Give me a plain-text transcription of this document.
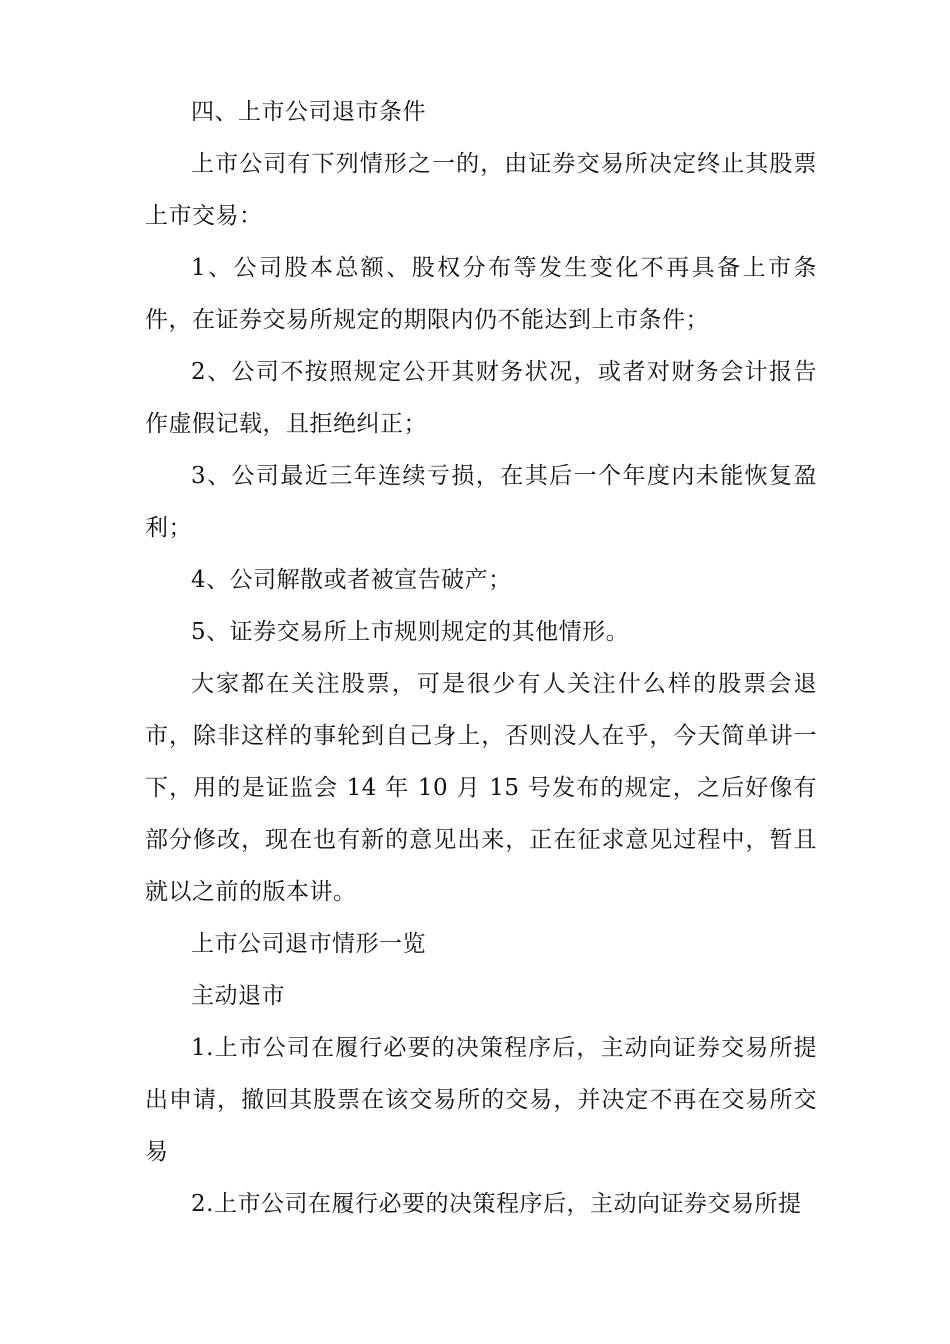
四、上市公司退市条件

上市公司有下列情形之一的，由证券交易所决定终止其股票上市交易：

1、公司股本总额、股权分布等发生变化不再具备上市条件，在证券交易所规定的期限内仍不能达到上市条件；

2、公司不按照规定公开其财务状况，或者对财务会计报告作虚假记载，且拒绝纠正；

3、公司最近三年连续亏损，在其后一个年度内未能恢复盈利；

4、公司解散或者被宣告破产；

5、证券交易所上市规则规定的其他情形。

大家都在关注股票，可是很少有人关注什么样的股票会退市，除非这样的事轮到自己身上，否则没人在乎，今天简单讲一下，用的是证监会 14 年 10 月 15 号发布的规定，之后好像有部分修改，现在也有新的意见出来，正在征求意见过程中，暂且就以之前的版本讲。

上市公司退市情形一览

主动退市

1.上市公司在履行必要的决策程序后，主动向证券交易所提出申请，撤回其股票在该交易所的交易，并决定不再在交易所交易

2.上市公司在履行必要的决策程序后，主动向证券交易所提
